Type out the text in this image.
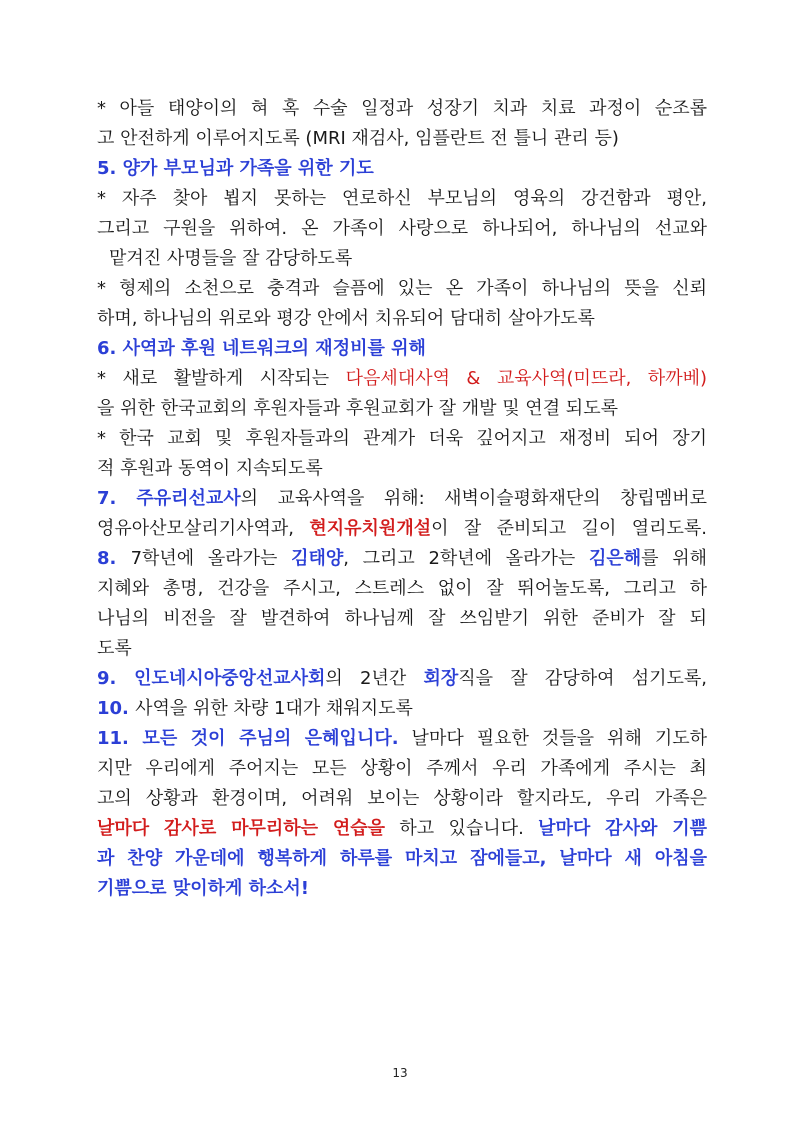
* 아들 태양이의 혀 혹 수술 일정과 성장기 치과 치료 과정이 순조롭
고 안전하게 이루어지도록 (MRI 재검사, 임플란트 전 틀니 관리 등)
5. 양가 부모님과 가족을 위한 기도
* 자주 찾아 뵙지 못하는 연로하신 부모님의 영육의 강건함과 평안,
그리고 구원을 위하여. 온 가족이 사랑으로 하나되어, 하나님의 선교와
맡겨진 사명들을 잘 감당하도록
* 형제의 소천으로 충격과 슬픔에 있는 온 가족이 하나님의 뜻을 신뢰
하며, 하나님의 위로와 평강 안에서 치유되어 담대히 살아가도록
6. 사역과 후원 네트워크의 재정비를 위해
* 새로 활발하게 시작되는 다음세대사역 & 교육사역(미뜨라, 하까베)
을 위한 한국교회의 후원자들과 후원교회가 잘 개발 및 연결 되도록
* 한국 교회 및 후원자들과의 관계가 더욱 깊어지고 재정비 되어 장기
적 후원과 동역이 지속되도록
7. 주유리선교사의 교육사역을 위해: 새벽이슬평화재단의 창립멤버로
영유아산모살리기사역과, 현지유치원개설이 잘 준비되고 길이 열리도록.
8. 7학년에 올라가는 김태양, 그리고 2학년에 올라가는 김은해를 위해
지혜와 총명, 건강을 주시고, 스트레스 없이 잘 뛰어놀도록, 그리고 하
나님의 비전을 잘 발견하여 하나님께 잘 쓰임받기 위한 준비가 잘 되
도록
9. 인도네시아중앙선교사회의 2년간 회장직을 잘 감당하여 섬기도록,
10. 사역을 위한 차량 1대가 채워지도록
11. 모든 것이 주님의 은혜입니다. 날마다 필요한 것들을 위해 기도하
지만 우리에게 주어지는 모든 상황이 주께서 우리 가족에게 주시는 최
고의 상황과 환경이며, 어려워 보이는 상황이라 할지라도, 우리 가족은
날마다 감사로 마무리하는 연습을 하고 있습니다. 날마다 감사와 기쁨
과 찬양 가운데에 행복하게 하루를 마치고 잠에들고, 날마다 새 아침을
기쁨으로 맞이하게 하소서!
13
